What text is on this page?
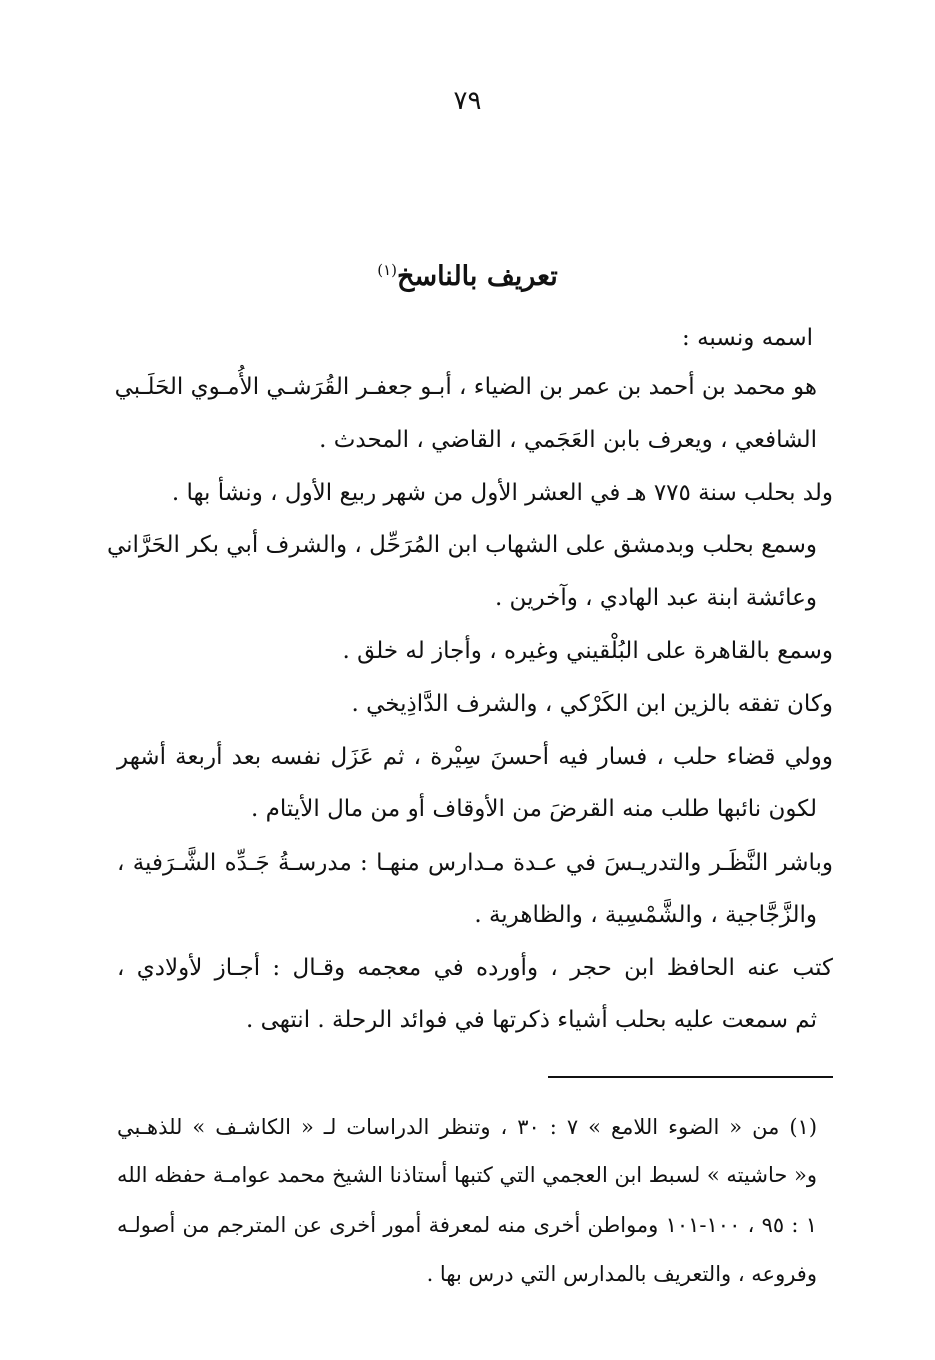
٧٩
تعريف بالناسخ$^{(١)}$
اسمه ونسبه :
هو محمد بن أحمد بن عمر بن الضياء ، أبـو جعفـر القُرَشـي الأُمـوي الحَلَـبي
الشافعي ، ويعرف بابن العَجَمي ، القاضي ، المحدث .
ولد بحلب سنة ٧٧٥ هـ في العشر الأول من شهر ربيع الأول ، ونشأ بها .
وسمع بحلب وبدمشق على الشهاب ابن المُرَحِّل ، والشرف أبي بكر الحَرَّاني
وعائشة ابنة عبد الهادي ، وآخرين .
وسمع بالقاهرة على البُلْقيني وغيره ، وأجاز له خلق .
وكان تفقه بالزين ابن الكَرْكي ، والشرف الدَّاذِيخي .
وولي قضاء حلب ، فسار فيه أحسنَ سِيْرة ، ثم عَزَل نفسه بعد أربعة أشهر
لكون نائبها طلب منه القرضَ من الأوقاف أو من مال الأيتام .
وباشر النَّظَـر والتدريـسَ في عـدة مـدارس منهـا : مدرسـةُ جَـدِّه الشَّـرَفية ،
والزَّجَّاجية ، والشَّمْسِية ، والظاهرية .
كتب عنه الحافظ ابن حجر ، وأورده في معجمه وقـال : أجـاز لأولادي ،
ثم سمعت عليه بحلب أشياء ذكرتها في فوائد الرحلة . انتهى .
(١) من « الضوء اللامع » ٧ : ٣٠ ، وتنظر الدراسات لـ « الكاشـف » للذهـبي
و« حاشيته » لسبط ابن العجمي التي كتبها أستاذنا الشيخ محمد عوامـة حفظه الله
١ : ٩٥ ، ١٠٠-١٠١ ومواطن أخرى منه لمعرفة أمور أخرى عن المترجم من أصولـه
وفروعه ، والتعريف بالمدارس التي درس بها .
